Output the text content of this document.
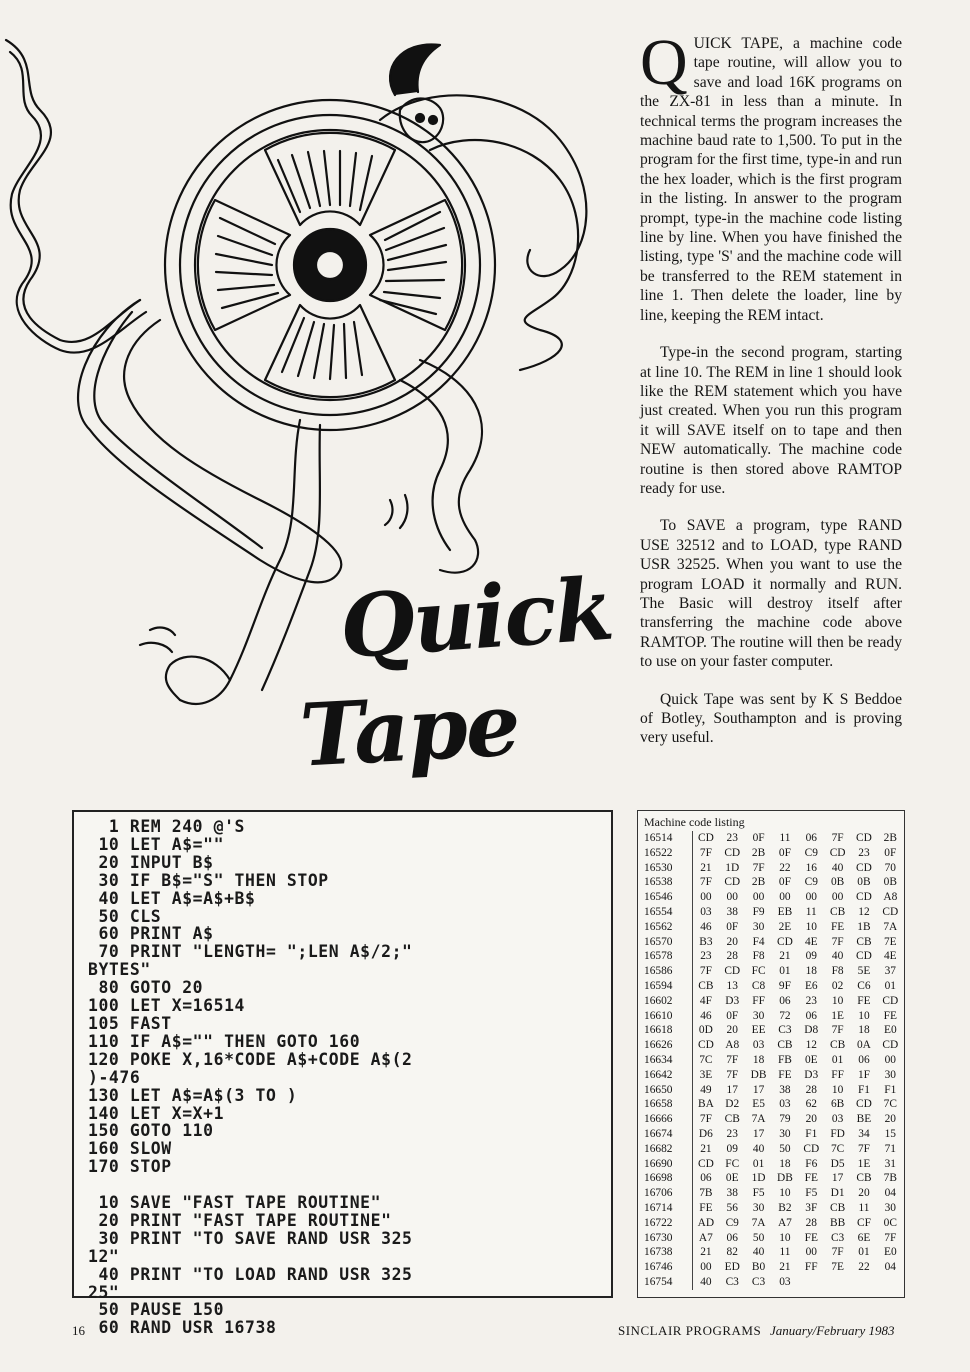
Quick
Tape

QUICK TAPE, a machine code tape routine, will allow you to save and load 16K programs on the ZX-81 in less than a minute. In technical terms the program increases the machine baud rate to 1,500. To put in the program for the first time, type-in and run the hex loader, which is the first program in the listing. In answer to the program prompt, type-in the machine code listing line by line. When you have finished the listing, type 'S' and the machine code will be transferred to the REM statement in line 1. Then delete the loader, line by line, keeping the REM intact.

Type-in the second program, starting at line 10. The REM in line 1 should look like the REM statement which you have just created. When you run this program it will SAVE itself on to tape and then NEW automatically. The machine code routine is then stored above RAMTOP ready for use.

To SAVE a program, type RAND USE 32512 and to LOAD, type RAND USR 32525. When you want to use the program LOAD it normally and RUN. The Basic will destroy itself after transferring the machine code above RAMTOP. The routine will then be ready to use on your faster computer.

Quick Tape was sent by K S Beddoe of Botley, Southampton and is proving very useful.

1 REM 240 @'S
10 LET A$=""
20 INPUT B$
30 IF B$="S" THEN STOP
40 LET A$=A$+B$
50 CLS
60 PRINT A$
70 PRINT "LENGTH= ";LEN A$/2;"
BYTES"
80 GOTO 20
100 LET X=16514
105 FAST
110 IF A$="" THEN GOTO 160
120 POKE X,16*CODE A$+CODE A$(2
)-476
130 LET A$=A$(3 TO )
140 LET X=X+1
150 GOTO 110
160 SLOW
170 STOP
10 SAVE "FAST TAPE ROUTINE"
20 PRINT "FAST TAPE ROUTINE"
30 PRINT "TO SAVE RAND USR 325
12"
40 PRINT "TO LOAD RAND USR 325
25"
50 PAUSE 150
60 RAND USR 16738
Machine code listing
16514	CD	23	0F	11	06	7F	CD	2B
16522	7F	CD	2B	0F	C9	CD	23	0F
16530	21	1D	7F	22	16	40	CD	70
16538	7F	CD	2B	0F	C9	0B	0B	0B
16546	00	00	00	00	00	00	CD	A8
16554	03	38	F9	EB	11	CB	12	CD
16562	46	0F	30	2E	10	FE	1B	7A
16570	B3	20	F4	CD	4E	7F	CB	7E
16578	23	28	F8	21	09	40	CD	4E
16586	7F	CD	FC	01	18	F8	5E	37
16594	CB	13	C8	9F	E6	02	C6	01
16602	4F	D3	FF	06	23	10	FE	CD
16610	46	0F	30	72	06	1E	10	FE
16618	0D	20	EE	C3	D8	7F	18	E0
16626	CD	A8	03	CB	12	CB	0A	CD
16634	7C	7F	18	FB	0E	01	06	00
16642	3E	7F	DB	FE	D3	FF	1F	30
16650	49	17	17	38	28	10	F1	F1
16658	BA	D2	E5	03	62	6B	CD	7C
16666	7F	CB	7A	79	20	03	BE	20
16674	D6	23	17	30	F1	FD	34	15
16682	21	09	40	50	CD	7C	7F	71
16690	CD	FC	01	18	F6	D5	1E	31
16698	06	0E	1D	DB	FE	17	CB	7B
16706	7B	38	F5	10	F5	D1	20	04
16714	FE	56	30	B2	3F	CB	11	30
16722	AD	C9	7A	A7	28	BB	CF	0C
16730	A7	06	50	10	FE	C3	6E	7F
16738	21	82	40	11	00	7F	01	E0
16746	00	ED	B0	21	FF	7E	22	04
16754	40	C3	C3	03				
16	SINCLAIR PROGRAMS January/February 1983
